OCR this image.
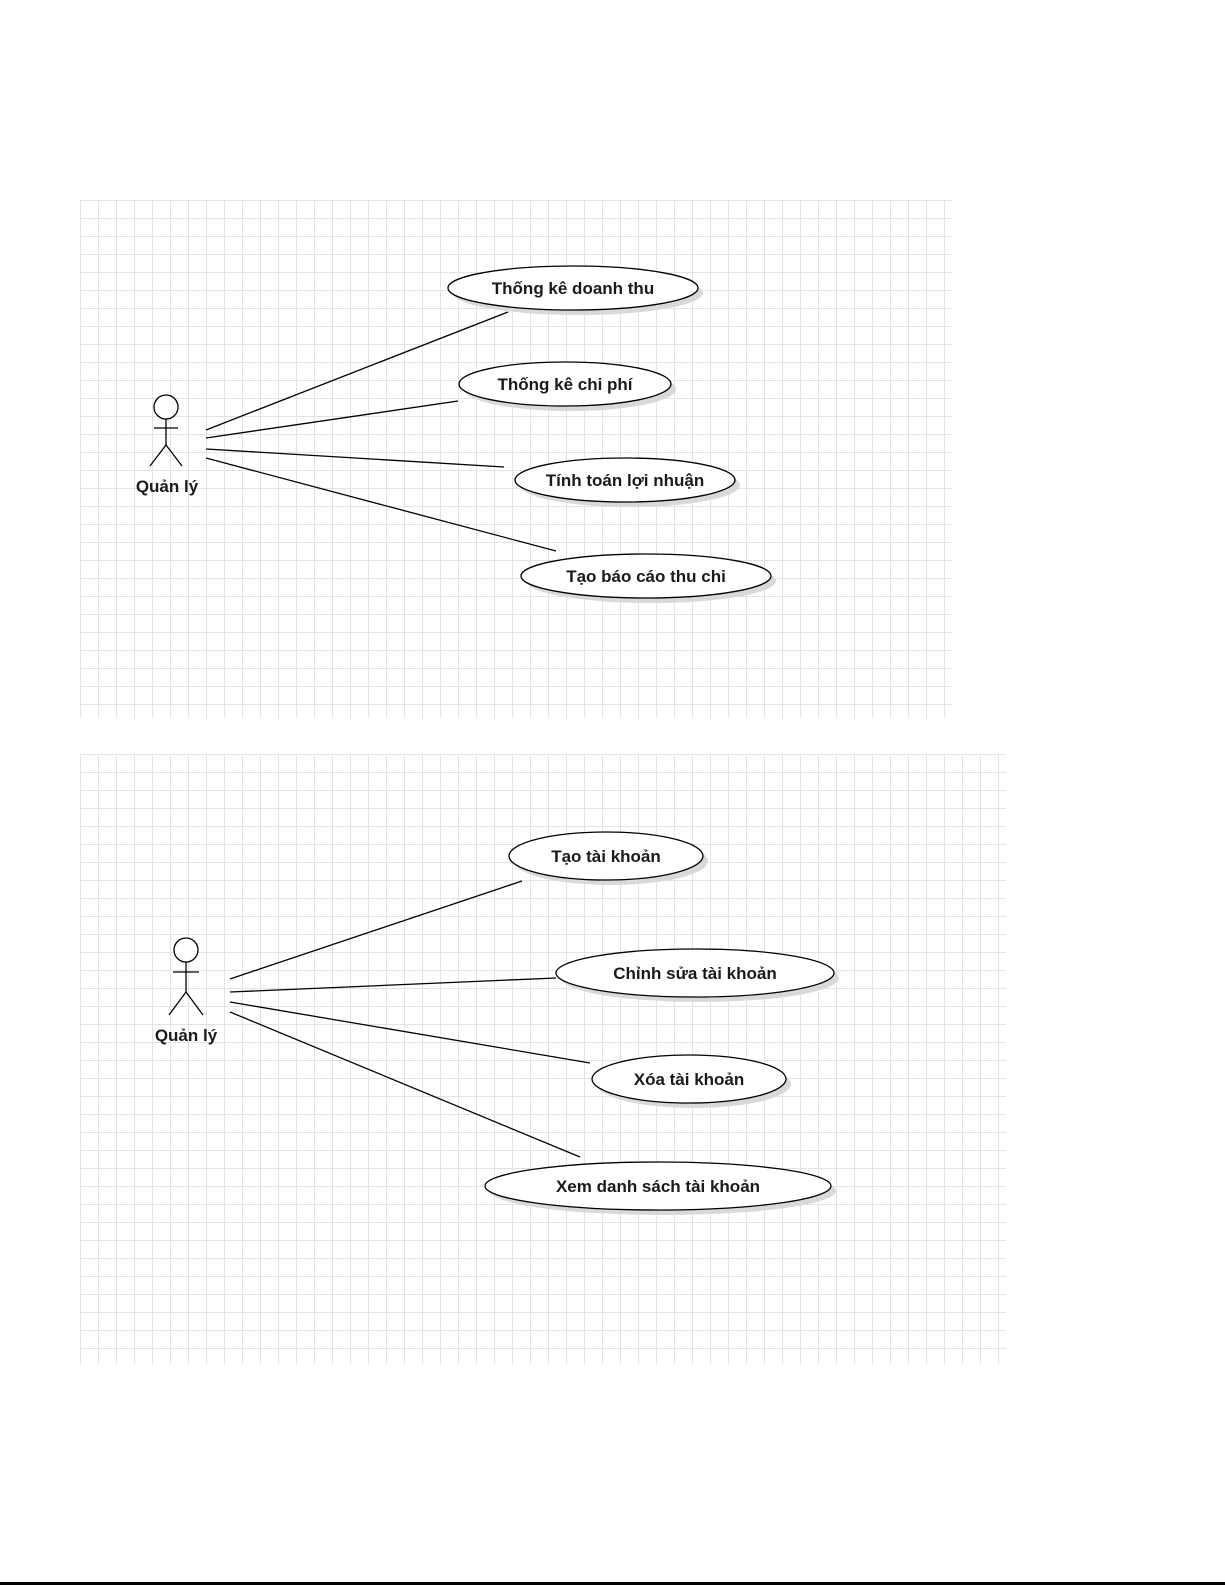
Quản lý
Thống kê doanh thu
Thống kê chi phí
Tính toán lợi nhuận
Tạo báo cáo thu chi
Quản lý
Tạo tài khoản
Chỉnh sửa tài khoản
Xóa tài khoản
Xem danh sách tài khoản
